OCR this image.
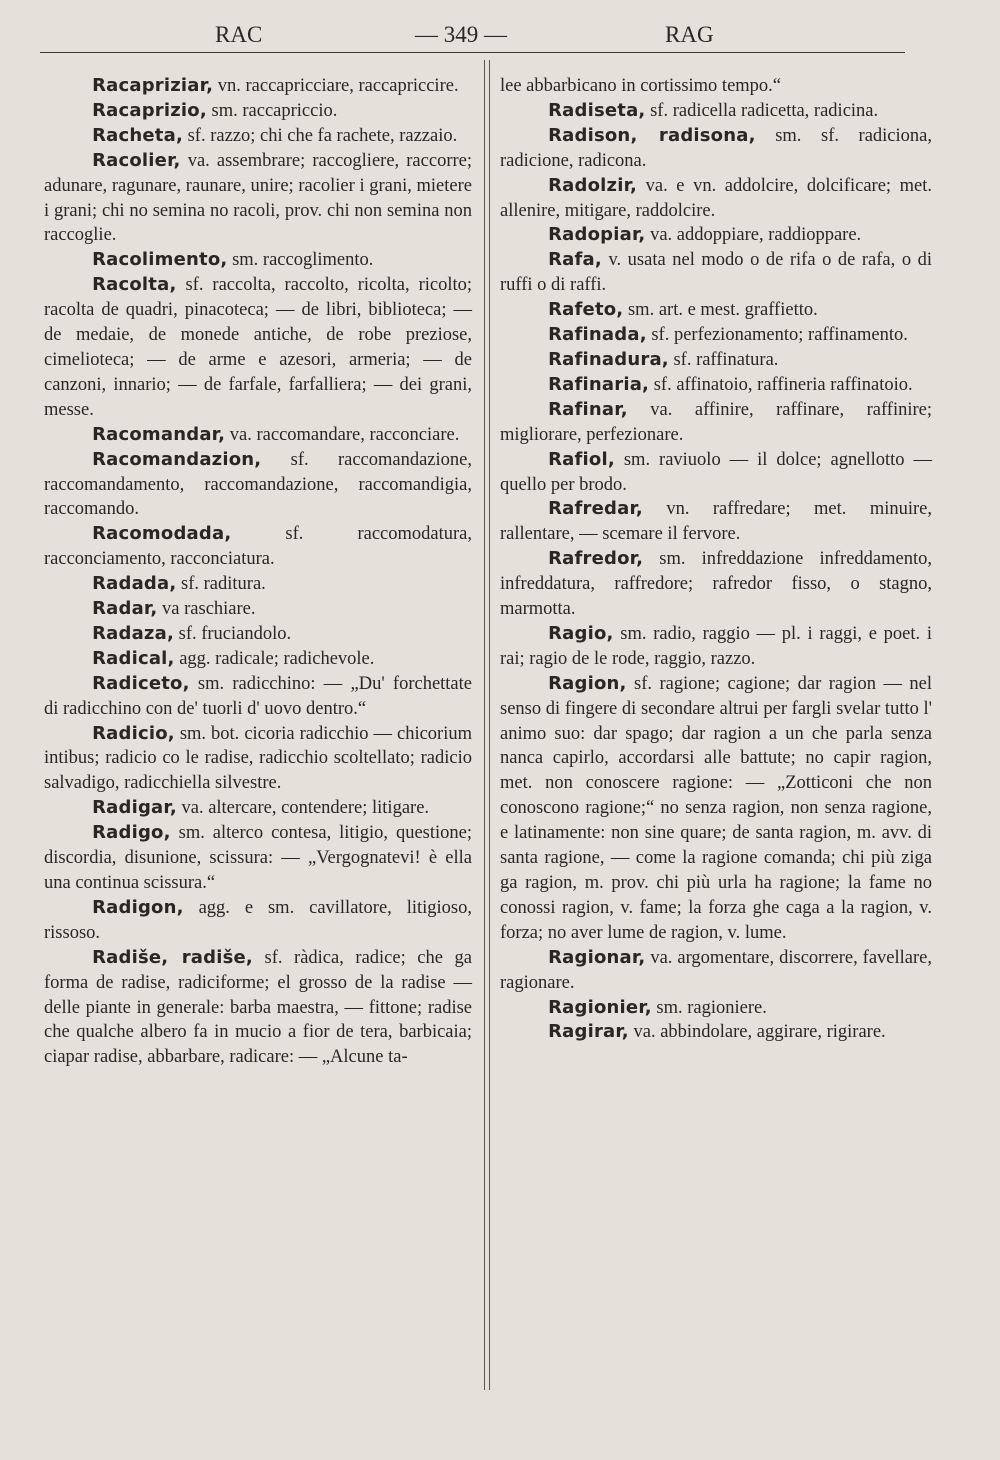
RAC	— 349 —	RAG

Racapriziar, vn. raccapricciare, raccapriccire.

Racaprizio, sm. raccapriccio.

Racheta, sf. razzo; chi che fa rachete, razzaio.

Racolier, va. assembrare; raccogliere, raccorre; adunare, ragunare, raunare, unire; racolier i grani, mietere i grani; chi no semina no racoli, prov. chi non semina non raccoglie.

Racolimento, sm. raccoglimento.

Racolta, sf. raccolta, raccolto, ricolta, ricolto; racolta de quadri, pinacoteca; — de libri, biblioteca; — de medaie, de monede antiche, de robe preziose, cimelioteca; — de arme e azesori, armeria; — de canzoni, innario; — de farfale, farfalliera; — dei grani, messe.

Racomandar, va. raccomandare, racconciare.

Racomandazion, sf. raccomandazione, raccomandamento, raccomandazione, raccomandigia, raccomando.

Racomodada, sf. raccomodatura, racconciamento, racconciatura.

Radada, sf. raditura.

Radar, va raschiare.

Radaza, sf. fruciandolo.

Radical, agg. radicale; radichevole.

Radiceto, sm. radicchino: — „Du' forchettate di radicchino con de' tuorli d' uovo dentro.“

Radicio, sm. bot. cicoria radicchio — chicorium intibus; radicio co le radise, radicchio scoltellato; radicio salvadigo, radicchiella silvestre.

Radigar, va. altercare, contendere; litigare.

Radigo, sm. alterco contesa, litigio, questione; discordia, disunione, scissura: — „Vergognatevi! è ella una continua scissura.“

Radigon, agg. e sm. cavillatore, litigioso, rissoso.

Radiše, radiše, sf. ràdica, radice; che ga forma de radise, radiciforme; el grosso de la radise — delle piante in generale: barba maestra, — fittone; radise che qualche albero fa in mucio a fior de tera, barbicaia; ciapar radise, abbarbare, radicare: — „Alcune ta-

lee abbarbicano in cortissimo tempo.“

Radiseta, sf. radicella radicetta, radicina.

Radison, radisona, sm. sf. radiciona, radicione, radicona.

Radolzir, va. e vn. addolcire, dolcificare; met. allenire, mitigare, raddolcire.

Radopiar, va. addoppiare, raddioppare.

Rafa, v. usata nel modo o de rifa o de rafa, o di ruffi o di raffi.

Rafeto, sm. art. e mest. graffietto.

Rafinada, sf. perfezionamento; raffinamento.

Rafinadura, sf. raffinatura.

Rafinaria, sf. affinatoio, raffineria raffinatoio.

Rafinar, va. affinire, raffinare, raffinire; migliorare, perfezionare.

Rafiol, sm. raviuolo — il dolce; agnellotto — quello per brodo.

Rafredar, vn. raffredare; met. minuire, rallentare, — scemare il fervore.

Rafredor, sm. infreddazione infreddamento, infreddatura, raffredore; rafredor fisso, o stagno, marmotta.

Ragio, sm. radio, raggio — pl. i raggi, e poet. i rai; ragio de le rode, raggio, razzo.

Ragion, sf. ragione; cagione; dar ragion — nel senso di fingere di secondare altrui per fargli svelar tutto l' animo suo: dar spago; dar ragion a un che parla senza nanca capirlo, accordarsi alle battute; no capir ragion, met. non conoscere ragione: — „Zotticoni che non conoscono ragione;“ no senza ragion, non senza ragione, e latinamente: non sine quare; de santa ragion, m. avv. di santa ragione, — come la ragione comanda; chi più ziga ga ragion, m. prov. chi più urla ha ragione; la fame no conossi ragion, v. fame; la forza ghe caga a la ragion, v. forza; no aver lume de ragion, v. lume.

Ragionar, va. argomentare, discorrere, favellare, ragionare.

Ragionier, sm. ragioniere.

Ragirar, va. abbindolare, aggirare, rigirare.
